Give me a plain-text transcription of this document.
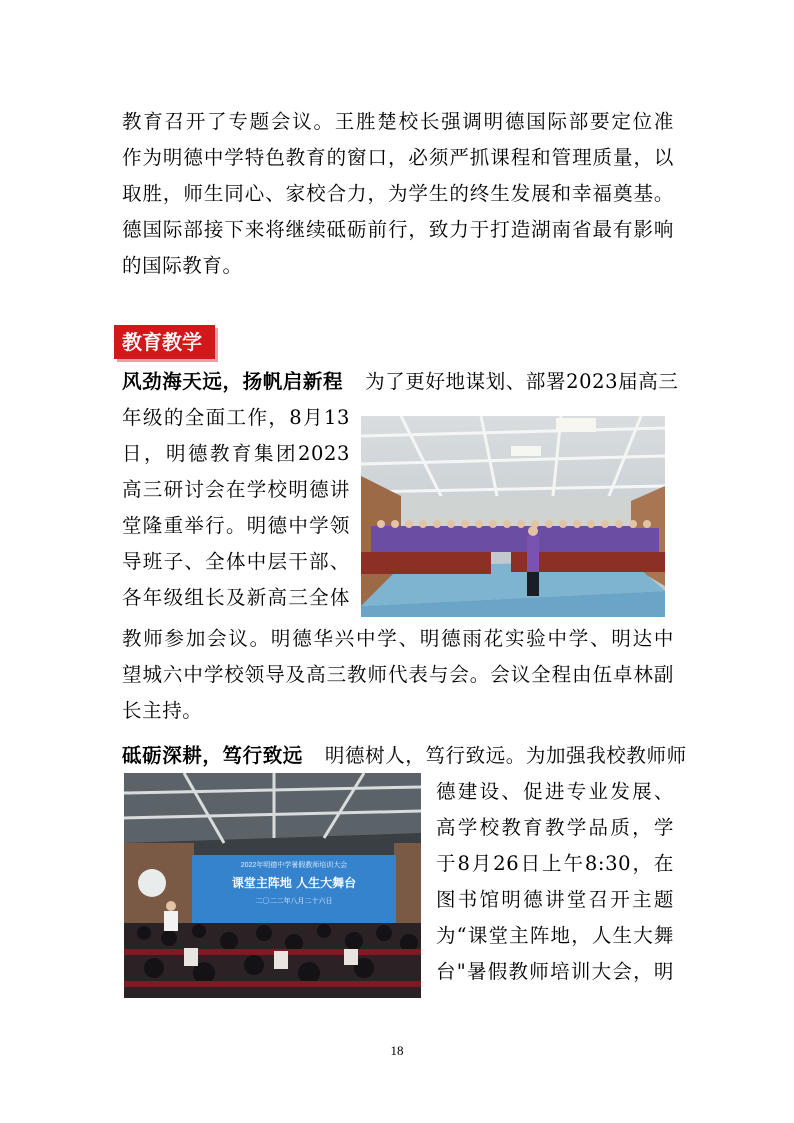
教育召开了专题会议。王胜楚校长强调明德国际部要定位准
作为明德中学特色教育的窗口，必须严抓课程和管理质量，以
取胜，师生同心、家校合力，为学生的终生发展和幸福奠基。
德国际部接下来将继续砥砺前行，致力于打造湖南省最有影响
的国际教育。
教育教学
风劲海天远，扬帆启新程 为了更好地谋划、部署2023届高三
年级的全面工作，8月13
日，明德教育集团2023
高三研讨会在学校明德讲
堂隆重举行。明德中学领
导班子、全体中层干部、
各年级组长及新高三全体
教师参加会议。明德华兴中学、明德雨花实验中学、明达中
望城六中学校领导及高三教师代表与会。会议全程由伍卓林副
长主持。
砥砺深耕，笃行致远 明德树人，笃行致远。为加强我校教师师
德建设、促进专业发展、
高学校教育教学品质，学
于8月26日上午8:30，在
图书馆明德讲堂召开主题
为“课堂主阵地，人生大舞
台"暑假教师培训大会，明
2022年明德中学暑假教师培训大会
课堂主阵地 人生大舞台
二〇二二年八月二十六日
18
